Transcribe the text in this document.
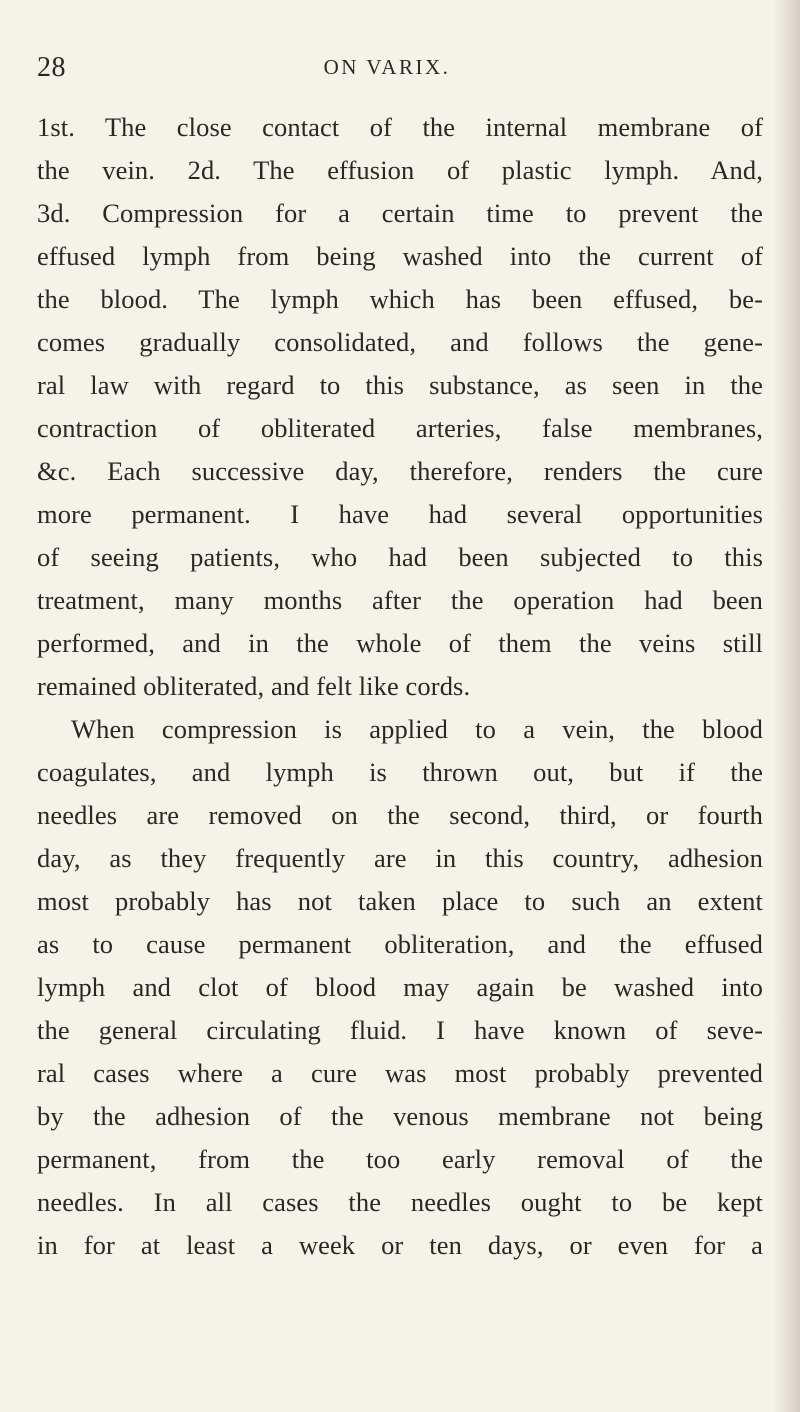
28	ON VARIX.
1st. The close contact of the internal membrane of
the vein. 2d. The effusion of plastic lymph. And,
3d. Compression for a certain time to prevent the
effused lymph from being washed into the current of
the blood. The lymph which has been effused, be-
comes gradually consolidated, and follows the gene-
ral law with regard to this substance, as seen in the
contraction of obliterated arteries, false membranes,
&c. Each successive day, therefore, renders the cure
more permanent. I have had several opportunities
of seeing patients, who had been subjected to this
treatment, many months after the operation had been
performed, and in the whole of them the veins still
remained obliterated, and felt like cords.
When compression is applied to a vein, the blood
coagulates, and lymph is thrown out, but if the
needles are removed on the second, third, or fourth
day, as they frequently are in this country, adhesion
most probably has not taken place to such an extent
as to cause permanent obliteration, and the effused
lymph and clot of blood may again be washed into
the general circulating fluid. I have known of seve-
ral cases where a cure was most probably prevented
by the adhesion of the venous membrane not being
permanent, from the too early removal of the
needles. In all cases the needles ought to be kept
in for at least a week or ten days, or even for a
